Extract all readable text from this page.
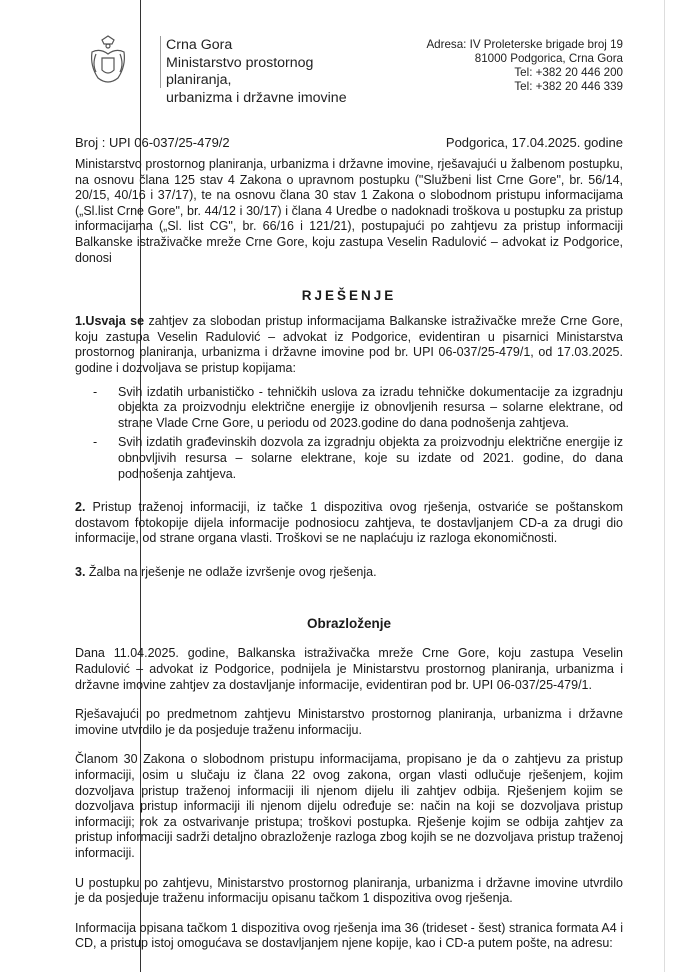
Crna Gora
Ministarstvo prostornog planiranja,
urbanizma i državne imovine
Adresa: IV Proleterske brigade broj 19
81000 Podgorica, Crna Gora
Tel: +382 20 446 200
Tel: +382 20 446 339
Broj : UPI 06-037/25-479/2	Podgorica, 17.04.2025. godine
Ministarstvo prostornog planiranja, urbanizma i državne imovine, rješavajući u žalbenom postupku, na osnovu člana 125 stav 4 Zakona o upravnom postupku ("Službeni list Crne Gore", br. 56/14, 20/15, 40/16 i 37/17), te na osnovu člana 30 stav 1 Zakona o slobodnom pristupu informacijama („Sl.list Crne Gore", br. 44/12 i 30/17) i člana 4 Uredbe o nadoknadi troškova u postupku za pristup informacijama („Sl. list CG", br. 66/16 i 121/21), postupajući po zahtjevu za pristup informaciji Balkanske istraživačke mreže Crne Gore, koju zastupa Veselin Radulović – advokat iz Podgorice, donosi
RJEŠENJE
1.Usvaja se zahtjev za slobodan pristup informacijama Balkanske istraživačke mreže Crne Gore, koju zastupa Veselin Radulović – advokat iz Podgorice, evidentiran u pisarnici Ministarstva prostornog planiranja, urbanizma i državne imovine pod br. UPI 06-037/25-479/1, od 17.03.2025. godine i dozvoljava se pristup kopijama:
-	Svih izdatih urbanističko - tehničkih uslova za izradu tehničke dokumentacije za izgradnju objekta za proizvodnju električne energije iz obnovljenih resursa – solarne elektrane, od strane Vlade Crne Gore, u periodu od 2023.godine do dana podnošenja zahtjeva.
-	Svih izdatih građevinskih dozvola za izgradnju objekta za proizvodnju električne energije iz obnovljivih resursa – solarne elektrane, koje su izdate od 2021. godine, do dana podnošenja zahtjeva.
2. Pristup traženoj informaciji, iz tačke 1 dispozitiva ovog rješenja, ostvariće se poštanskom dostavom fotokopije dijela informacije podnosiocu zahtjeva, te dostavljanjem CD-a za drugi dio informacije, od strane organa vlasti. Troškovi se ne naplaćuju iz razloga ekonomičnosti.
3. Žalba na rješenje ne odlaže izvršenje ovog rješenja.
Obrazloženje
Dana 11.04.2025. godine, Balkanska istraživačka mreže Crne Gore, koju zastupa Veselin Radulović – advokat iz Podgorice, podnijela je Ministarstvu prostornog planiranja, urbanizma i državne imovine zahtjev za dostavljanje informacije, evidentiran pod br. UPI 06-037/25-479/1.
Rješavajući po predmetnom zahtjevu Ministarstvo prostornog planiranja, urbanizma i državne imovine utvrdilo je da posjeduje traženu informaciju.
Članom 30 Zakona o slobodnom pristupu informacijama, propisano je da o zahtjevu za pristup informaciji, osim u slučaju iz člana 22 ovog zakona, organ vlasti odlučuje rješenjem, kojim dozvoljava pristup traženoj informaciji ili njenom dijelu ili zahtjev odbija. Rješenjem kojim se dozvoljava pristup informaciji ili njenom dijelu određuje se: način na koji se dozvoljava pristup informaciji; rok za ostvarivanje pristupa; troškovi postupka. Rješenje kojim se odbija zahtjev za pristup informaciji sadrži detaljno obrazloženje razloga zbog kojih se ne dozvoljava pristup traženoj informaciji.
U postupku po zahtjevu, Ministarstvo prostornog planiranja, urbanizma i državne imovine utvrdilo je da posjeduje traženu informaciju opisanu tačkom 1 dispozitiva ovog rješenja.
Informacija opisana tačkom 1 dispozitiva ovog rješenja ima 36 (trideset - šest) stranica formata A4 i CD, a pristup istoj omogućava se dostavljanjem njene kopije, kao i CD-a putem pošte, na adresu:
